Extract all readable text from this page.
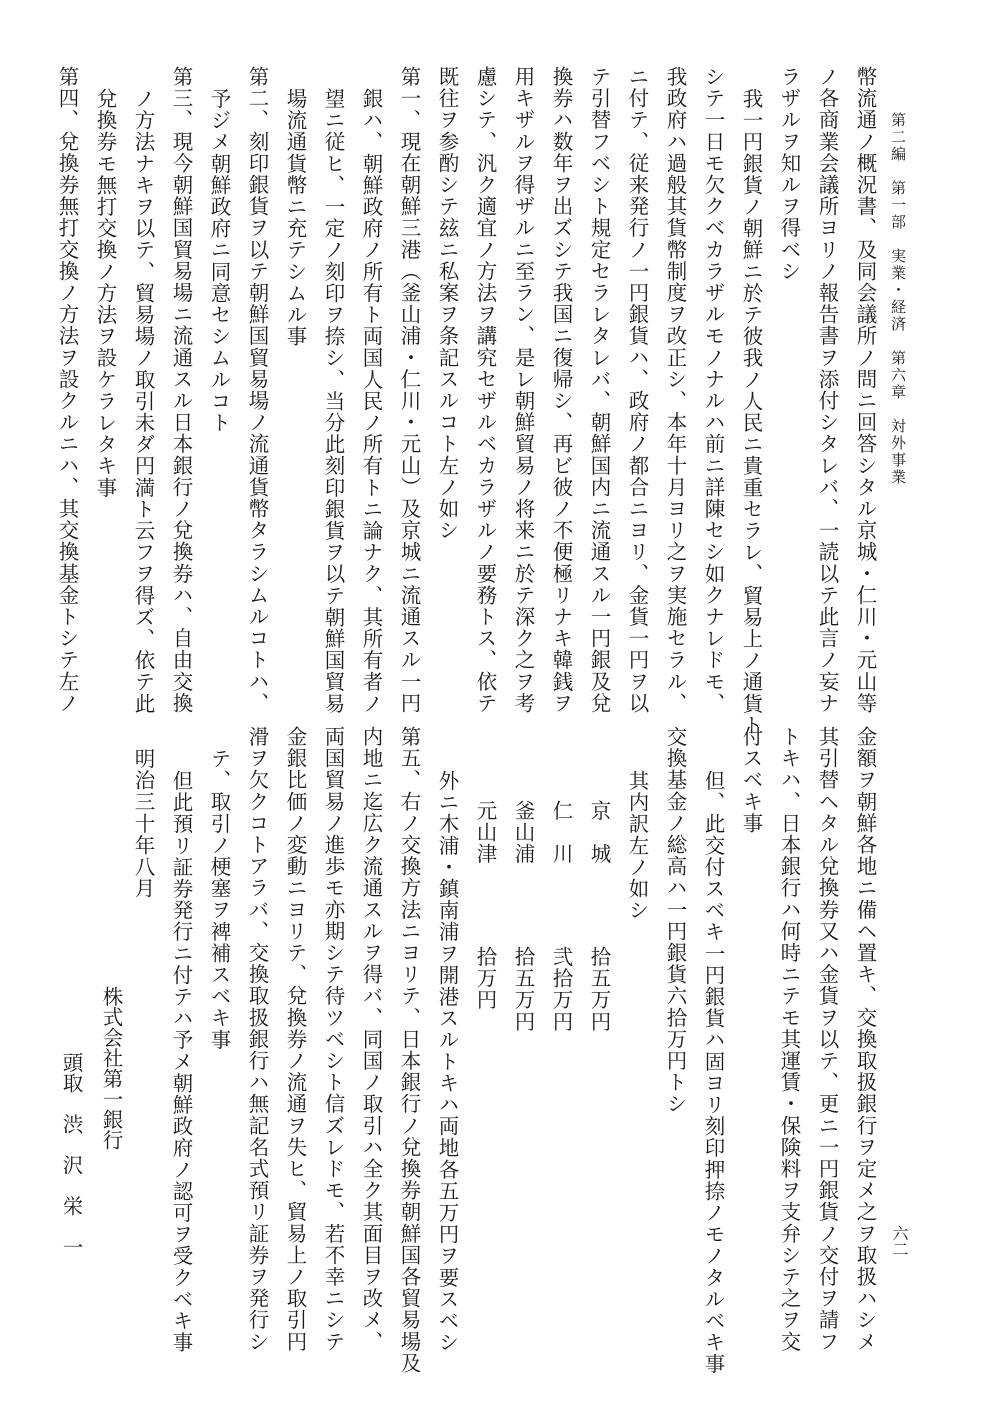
第二編　第一部　実業・経済　第六章　対外事業
六二
幣流通ノ概況書、及同会議所ノ問ニ回答シタル京城・仁川・元山等
ノ各商業会議所ヨリノ報告書ヲ添付シタレバ、一読以テ此言ノ妄ナ
ラザルヲ知ルヲ得ベシ
我一円銀貨ノ朝鮮ニ於テ彼我ノ人民ニ貴重セラレ、貿易上ノ通貨ト
シテ一日モ欠クベカラザルモノナルハ前ニ詳陳セシ如クナレドモ、
我政府ハ過般其貨幣制度ヲ改正シ、本年十月ヨリ之ヲ実施セラル、
ニ付テ、従来発行ノ一円銀貨ハ、政府ノ都合ニヨリ、金貨一円ヲ以
テ引替フベシト規定セラレタレバ、朝鮮国内ニ流通スル一円銀及兌
換券ハ数年ヲ出ズシテ我国ニ復帰シ、再ビ彼ノ不便極リナキ韓銭ヲ
用キザルヲ得ザルニ至ラン、是レ朝鮮貿易ノ将来ニ於テ深ク之ヲ考
慮シテ、汎ク適宜ノ方法ヲ講究セザルベカラザルノ要務トス、依テ
既往ヲ参酌シテ玆ニ私案ヲ条記スルコト左ノ如シ
第一、現在朝鮮三港（釜山浦・仁川・元山）及京城ニ流通スル一円
銀ハ、朝鮮政府ノ所有ト両国人民ノ所有トニ論ナク、其所有者ノ
望ニ従ヒ、一定ノ刻印ヲ捺シ、当分此刻印銀貨ヲ以テ朝鮮国貿易
場流通貨幣ニ充テシムル事
第二、刻印銀貨ヲ以テ朝鮮国貿易場ノ流通貨幣タラシムルコトハ、
予ジメ朝鮮政府ニ同意セシムルコト
第三、現今朝鮮国貿易場ニ流通スル日本銀行ノ兌換券ハ、自由交換
ノ方法ナキヲ以テ、貿易場ノ取引未ダ円満ト云フヲ得ズ、依テ此
兌換券モ無打交換ノ方法ヲ設ケラレタキ事
第四、兌換券無打交換ノ方法ヲ設クルニハ、其交換基金トシテ左ノ
金額ヲ朝鮮各地ニ備ヘ置キ、交換取扱銀行ヲ定メ之ヲ取扱ハシメ
其引替ヘタル兌換券又ハ金貨ヲ以テ、更ニ一円銀貨ノ交付ヲ請フ
トキハ、日本銀行ハ何時ニテモ其運賃・保険料ヲ支弁シテ之ヲ交
付スベキ事
但、此交付スベキ一円銀貨ハ固ヨリ刻印押捺ノモノタルベキ事
交換基金ノ総高ハ一円銀貨六拾万円トシ
其内訳左ノ如シ
京　城
拾五万円
仁　川
弐拾万円
釜山浦
拾五万円
元山津
拾万円
外ニ木浦・鎮南浦ヲ開港スルトキハ両地各五万円ヲ要スベシ
第五、右ノ交換方法ニヨリテ、日本銀行ノ兌換券朝鮮国各貿易場及
内地ニ迄広ク流通スルヲ得バ、同国ノ取引ハ全ク其面目ヲ改メ、
両国貿易ノ進歩モ亦期シテ待ツベシト信ズレドモ、若不幸ニシテ
金銀比価ノ変動ニヨリテ、兌換券ノ流通ヲ失ヒ、貿易上ノ取引円
滑ヲ欠クコトアラバ、交換取扱銀行ハ無記名式預リ証券ヲ発行シ
テ、取引ノ梗塞ヲ裨補スベキ事
但此預リ証券発行ニ付テハ予メ朝鮮政府ノ認可ヲ受クベキ事
明治三十年八月
株式会社第一銀行
頭取　渋　沢　栄　一
